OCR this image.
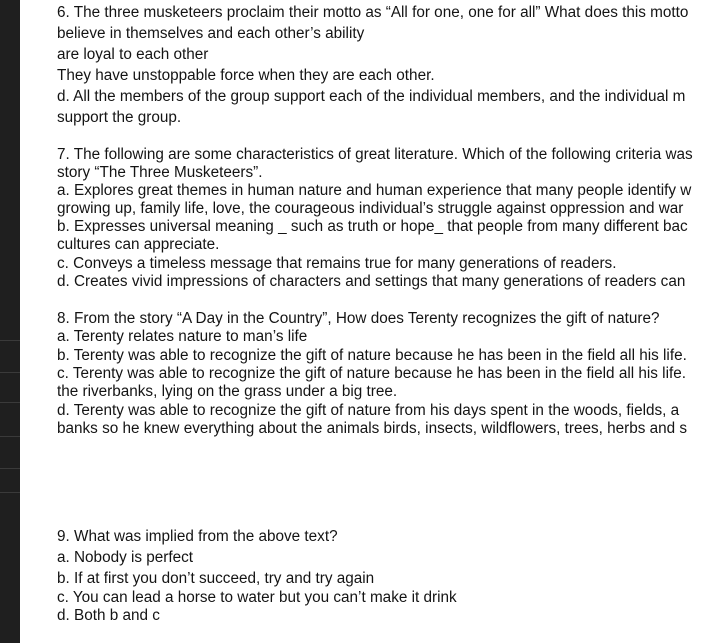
6. The three musketeers proclaim their motto as “All for one, one for all” What does this motto
believe in themselves and each other’s ability
are loyal to each other
They have unstoppable force when they are each other.
d. All the members of the group support each of the individual members, and the individual m
support the group.
7. The following are some characteristics of great literature. Which of the following criteria was
story “The Three Musketeers”.
a. Explores great themes in human nature and human experience that many people identify w
growing up, family life, love, the courageous individual’s struggle against oppression and war
b. Expresses universal meaning _ such as truth or hope_ that people from many different bac
cultures can appreciate.
c. Conveys a timeless message that remains true for many generations of readers.
d. Creates vivid impressions of characters and settings that many generations of readers can
8. From the story “A Day in the Country”, How does Terenty recognizes the gift of nature?
a. Terenty relates nature to man’s life
b. Terenty was able to recognize the gift of nature because he has been in the field all his life.
c. Terenty was able to recognize the gift of nature because he has been in the field all his life.
the riverbanks, lying on the grass under a big tree.
d. Terenty was able to recognize the gift of nature from his days spent in the woods, fields, a
banks so he knew everything about the animals birds, insects, wildflowers, trees, herbs and s
9. What was implied from the above text?
a. Nobody is perfect
b. If at first you don’t succeed, try and try again
c. You can lead a horse to water but you can’t make it drink
d. Both b and c
